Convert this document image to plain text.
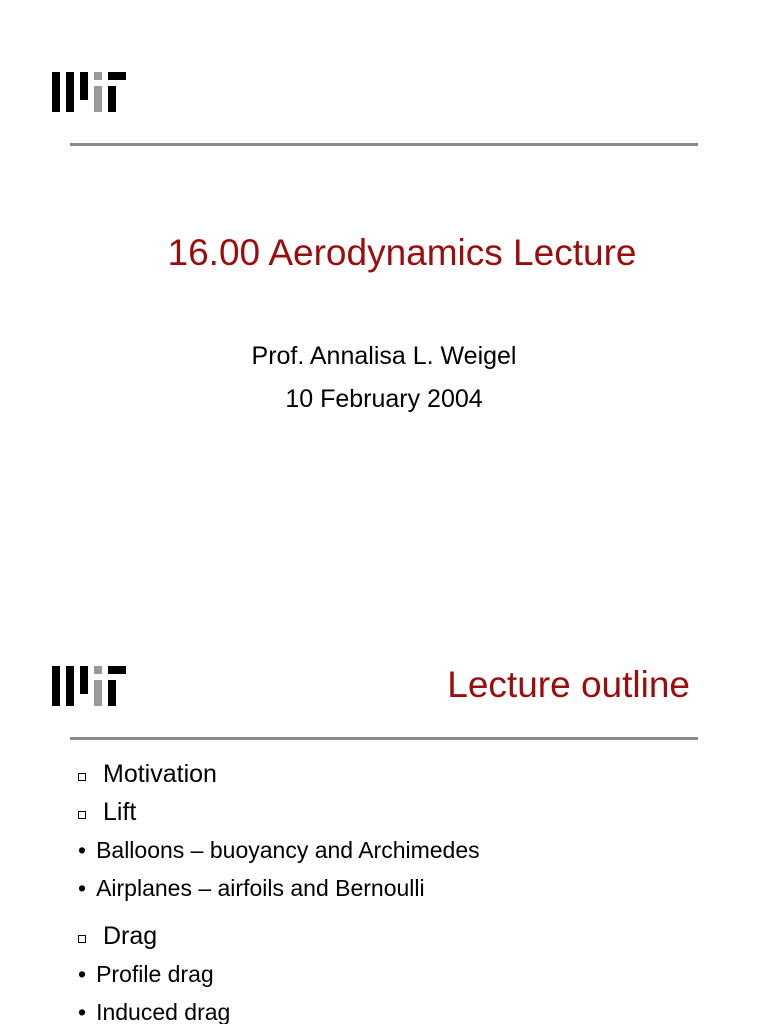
16.00 Aerodynamics Lecture
Prof. Annalisa L. Weigel
10 February 2004
Lecture outline
Motivation
Lift
• Balloons – buoyancy and Archimedes
• Airplanes – airfoils and Bernoulli
Drag
• Profile drag
• Induced drag
